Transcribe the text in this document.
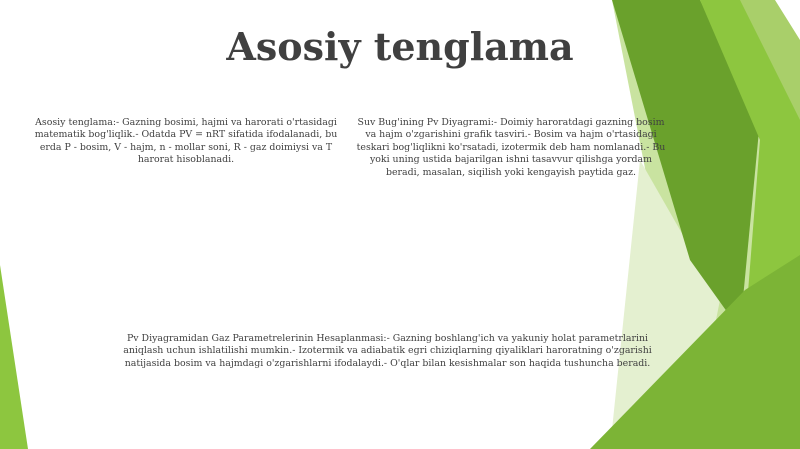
Asosiy tenglama

Asosiy tenglama:- Gazning bosimi, hajmi va harorati o'rtasidagi matematik bog'liqlik.- Odatda PV = nRT sifatida ifodalanadi, bu erda P - bosim, V - hajm, n - mollar soni, R - gaz doimiysi va T harorat hisoblanadi.

Suv Bug'ining Pv Diyagrami:- Doimiy haroratdagi gazning bosim va hajm o'zgarishini grafik tasviri.- Bosim va hajm o'rtasidagi teskari bog'liqlikni ko'rsatadi, izotermik deb ham nomlanadi.- Bu yoki uning ustida bajarilgan ishni tasavvur qilishga yordam beradi, masalan, siqilish yoki kengayish paytida gaz.

Pv Diyagramidan Gaz Parametrelerinin Hesaplanmasi:- Gazning boshlang'ich va yakuniy holat parametrlarini aniqlash uchun ishlatilishi mumkin.- Izotermik va adiabatik egri chiziqlarning qiyaliklari haroratning o'zgarishi natijasida bosim va hajmdagi o'zgarishlarni ifodalaydi.- O'qlar bilan kesishmalar son haqida tushuncha beradi.
